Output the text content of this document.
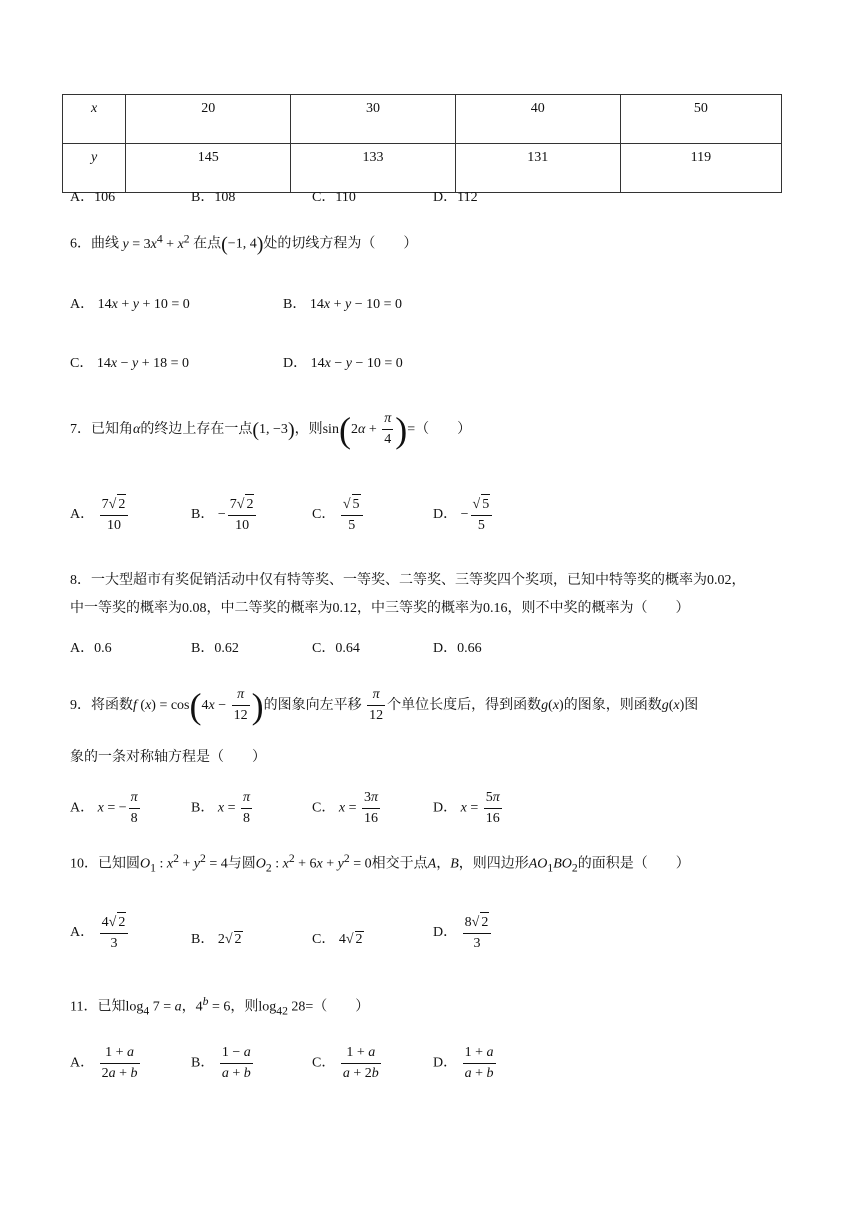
x	20	30	40	50
y	145	133	131	119
A．106	B．108	C．110	D．112
6．曲线 $y = 3x^4 + x^2$ 在点(−1, 4)处的切线方程为（　　）
A． 14x + y + 10 = 0	B． 14x + y − 10 = 0
C． 14x − y + 18 = 0	D． 14x − y − 10 = 0
7．已知角α的终边上存在一点(1, −3)，则$\sin(2\alpha + \frac{\pi}{4}$ )=（　　）
A． $\frac{7√ 2}{10}$	B． − $\frac{7√ 2}{10}$	C． $\frac{√ 5}{5}$	D． − $\frac{√ 5}{5}$
8．一大型超市有奖促销活动中仅有特等奖、一等奖、二等奖、三等奖四个奖项，已知中特等奖的概率为0.02，
中一等奖的概率为0.08，中二等奖的概率为0.12，中三等奖的概率为0.16，则不中奖的概率为（　　）
A．0.6	B．0.62	C．0.64	D．0.66
9．将函数f $(x) = \cos(4x - \frac{\pi}{12}$ )的图象向左平移 $\frac{\pi}{12}$ 个单位长度后，得到函数g(x)的图象，则函数g(x)图
象的一条对称轴方程是（　　）
A． x = − $\frac{\pi}{8}$	B． $x = \frac{\pi}{8}$	C． $x = \frac{3\pi}{16}$	D． $x = \frac{5\pi}{16}$
10．已知圆$O_1$ : $x^2 + y^2 = 4$与圆$O_2$ : $x^2 + 6x + y^2 = 0$相交于点A，B，则四边形$AO_1BO_2$的面积是（　　）
A． $\frac{4√ 2}{3}$	B． 2√ 2	C． 4√ 2	D． $\frac{8√ 2}{3}$
11．已知$\log_4 7 = a$，$4^b = 6$，则$\log_{42} 28=$（　　）
A． $\frac{1 + a}{2a + b}$	B． $\frac{1 - a}{a + b}$	C． $\frac{1 + a}{a + 2b}$	D． $\frac{1 + a}{a + b}$
